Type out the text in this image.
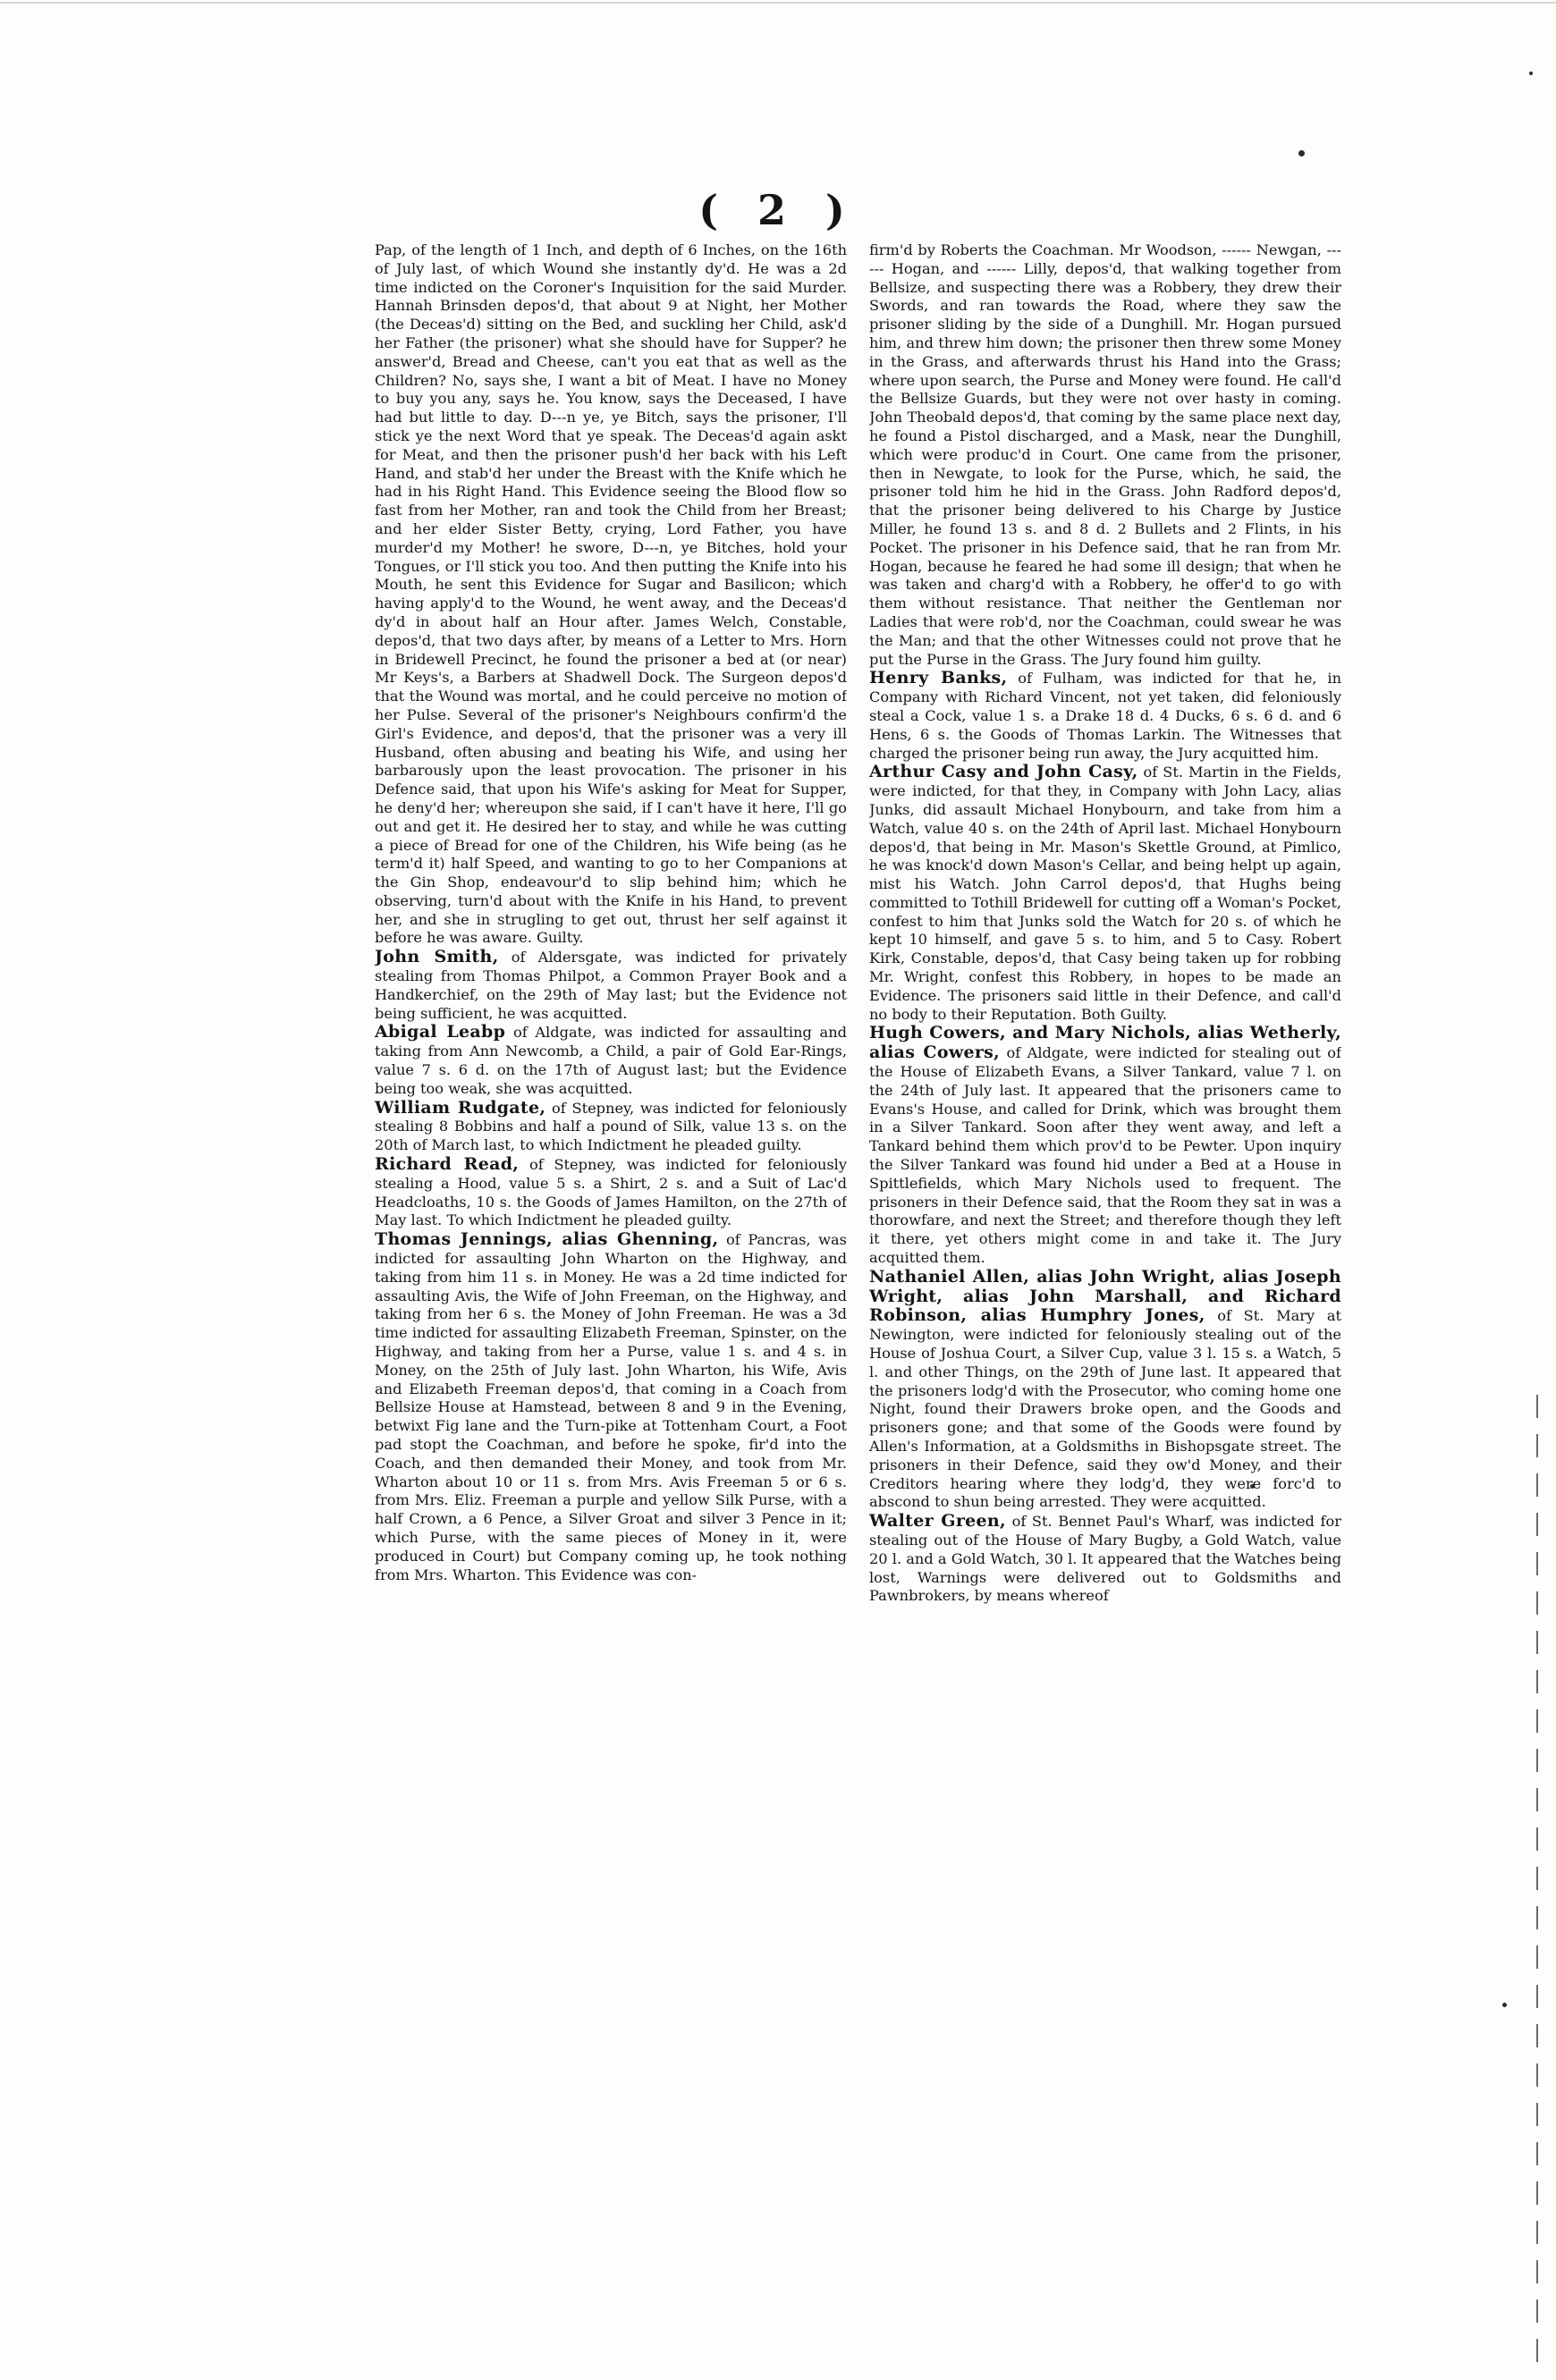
( 2 )

Pap, of the length of 1 Inch, and depth of 6 Inches, on the 16th of July last, of which Wound she instantly dy'd. He was a 2d time indicted on the Coroner's Inquisition for the said Murder. Hannah Brinsden depos'd, that about 9 at Night, her Mother (the Deceas'd) sitting on the Bed, and suckling her Child, ask'd her Father (the prisoner) what she should have for Supper? he answer'd, Bread and Cheese, can't you eat that as well as the Children? No, says she, I want a bit of Meat. I have no Money to buy you any, says he. You know, says the Deceased, I have had but little to day. D---n ye, ye Bitch, says the prisoner, I'll stick ye the next Word that ye speak. The Deceas'd again askt for Meat, and then the prisoner push'd her back with his Left Hand, and stab'd her under the Breast with the Knife which he had in his Right Hand. This Evidence seeing the Blood flow so fast from her Mother, ran and took the Child from her Breast; and her elder Sister Betty, crying, Lord Father, you have murder'd my Mother! he swore, D---n, ye Bitches, hold your Tongues, or I'll stick you too. And then putting the Knife into his Mouth, he sent this Evidence for Sugar and Basilicon; which having apply'd to the Wound, he went away, and the Deceas'd dy'd in about half an Hour after. James Welch, Constable, depos'd, that two days after, by means of a Letter to Mrs. Horn in Bridewell Precinct, he found the prisoner a bed at (or near) Mr Keys's, a Barbers at Shadwell Dock. The Surgeon depos'd that the Wound was mortal, and he could perceive no motion of her Pulse. Several of the prisoner's Neighbours confirm'd the Girl's Evidence, and depos'd, that the prisoner was a very ill Husband, often abusing and beating his Wife, and using her barbarously upon the least provocation. The prisoner in his Defence said, that upon his Wife's asking for Meat for Supper, he deny'd her; whereupon she said, if I can't have it here, I'll go out and get it. He desired her to stay, and while he was cutting a piece of Bread for one of the Children, his Wife being (as he term'd it) half Speed, and wanting to go to her Companions at the Gin Shop, endeavour'd to slip behind him; which he observing, turn'd about with the Knife in his Hand, to prevent her, and she in strugling to get out, thrust her self against it before he was aware. Guilty.

John Smith, of Aldersgate, was indicted for privately stealing from Thomas Philpot, a Common Prayer Book and a Handkerchief, on the 29th of May last; but the Evidence not being sufficient, he was acquitted.

Abigal Leabp of Aldgate, was indicted for assaulting and taking from Ann Newcomb, a Child, a pair of Gold Ear-Rings, value 7 s. 6 d. on the 17th of August last; but the Evidence being too weak, she was acquitted.

William Rudgate, of Stepney, was indicted for feloniously stealing 8 Bobbins and half a pound of Silk, value 13 s. on the 20th of March last, to which Indictment he pleaded guilty.

Richard Read, of Stepney, was indicted for feloniously stealing a Hood, value 5 s. a Shirt, 2 s. and a Suit of Lac'd Headcloaths, 10 s. the Goods of James Hamilton, on the 27th of May last. To which Indictment he pleaded guilty.

Thomas Jennings, alias Ghenning, of Pancras, was indicted for assaulting John Wharton on the Highway, and taking from him 11 s. in Money. He was a 2d time indicted for assaulting Avis, the Wife of John Freeman, on the Highway, and taking from her 6 s. the Money of John Freeman. He was a 3d time indicted for assaulting Elizabeth Freeman, Spinster, on the Highway, and taking from her a Purse, value 1 s. and 4 s. in Money, on the 25th of July last. John Wharton, his Wife, Avis and Elizabeth Freeman depos'd, that coming in a Coach from Bellsize House at Hamstead, between 8 and 9 in the Evening, betwixt Fig lane and the Turn-pike at Tottenham Court, a Foot pad stopt the Coachman, and before he spoke, fir'd into the Coach, and then demanded their Money, and took from Mr. Wharton about 10 or 11 s. from Mrs. Avis Freeman 5 or 6 s. from Mrs. Eliz. Freeman a purple and yellow Silk Purse, with a half Crown, a 6 Pence, a Silver Groat and silver 3 Pence in it; which Purse, with the same pieces of Money in it, were produced in Court) but Company coming up, he took nothing from Mrs. Wharton. This Evidence was con-

firm'd by Roberts the Coachman. Mr Woodson, ------ Newgan, ------ Hogan, and ------ Lilly, depos'd, that walking together from Bellsize, and suspecting there was a Robbery, they drew their Swords, and ran towards the Road, where they saw the prisoner sliding by the side of a Dunghill. Mr. Hogan pursued him, and threw him down; the prisoner then threw some Money in the Grass, and afterwards thrust his Hand into the Grass; where upon search, the Purse and Money were found. He call'd the Bellsize Guards, but they were not over hasty in coming. John Theobald depos'd, that coming by the same place next day, he found a Pistol discharged, and a Mask, near the Dunghill, which were produc'd in Court. One came from the prisoner, then in Newgate, to look for the Purse, which, he said, the prisoner told him he hid in the Grass. John Radford depos'd, that the prisoner being delivered to his Charge by Justice Miller, he found 13 s. and 8 d. 2 Bullets and 2 Flints, in his Pocket. The prisoner in his Defence said, that he ran from Mr. Hogan, because he feared he had some ill design; that when he was taken and charg'd with a Robbery, he offer'd to go with them without resistance. That neither the Gentleman nor Ladies that were rob'd, nor the Coachman, could swear he was the Man; and that the other Witnesses could not prove that he put the Purse in the Grass. The Jury found him guilty.

Henry Banks, of Fulham, was indicted for that he, in Company with Richard Vincent, not yet taken, did feloniously steal a Cock, value 1 s. a Drake 18 d. 4 Ducks, 6 s. 6 d. and 6 Hens, 6 s. the Goods of Thomas Larkin. The Witnesses that charged the prisoner being run away, the Jury acquitted him.

Arthur Casy and John Casy, of St. Martin in the Fields, were indicted, for that they, in Company with John Lacy, alias Junks, did assault Michael Honybourn, and take from him a Watch, value 40 s. on the 24th of April last. Michael Honybourn depos'd, that being in Mr. Mason's Skettle Ground, at Pimlico, he was knock'd down Mason's Cellar, and being helpt up again, mist his Watch. John Carrol depos'd, that Hughs being committed to Tothill Bridewell for cutting off a Woman's Pocket, confest to him that Junks sold the Watch for 20 s. of which he kept 10 himself, and gave 5 s. to him, and 5 to Casy. Robert Kirk, Constable, depos'd, that Casy being taken up for robbing Mr. Wright, confest this Robbery, in hopes to be made an Evidence. The prisoners said little in their Defence, and call'd no body to their Reputation. Both Guilty.

Hugh Cowers, and Mary Nichols, alias Wetherly, alias Cowers, of Aldgate, were indicted for stealing out of the House of Elizabeth Evans, a Silver Tankard, value 7 l. on the 24th of July last. It appeared that the prisoners came to Evans's House, and called for Drink, which was brought them in a Silver Tankard. Soon after they went away, and left a Tankard behind them which prov'd to be Pewter. Upon inquiry the Silver Tankard was found hid under a Bed at a House in Spittlefields, which Mary Nichols used to frequent. The prisoners in their Defence said, that the Room they sat in was a thorowfare, and next the Street; and therefore though they left it there, yet others might come in and take it. The Jury acquitted them.

Nathaniel Allen, alias John Wright, alias Joseph Wright, alias John Marshall, and Richard Robinson, alias Humphry Jones, of St. Mary at Newington, were indicted for feloniously stealing out of the House of Joshua Court, a Silver Cup, value 3 l. 15 s. a Watch, 5 l. and other Things, on the 29th of June last. It appeared that the prisoners lodg'd with the Prosecutor, who coming home one Night, found their Drawers broke open, and the Goods and prisoners gone; and that some of the Goods were found by Allen's Information, at a Goldsmiths in Bishopsgate street. The prisoners in their Defence, said they ow'd Money, and their Creditors hearing where they lodg'd, they were forc'd to abscond to shun being arrested. They were acquitted.

Walter Green, of St. Bennet Paul's Wharf, was indicted for stealing out of the House of Mary Bugby, a Gold Watch, value 20 l. and a Gold Watch, 30 l. It appeared that the Watches being lost, Warnings were delivered out to Goldsmiths and Pawnbrokers, by means whereof
